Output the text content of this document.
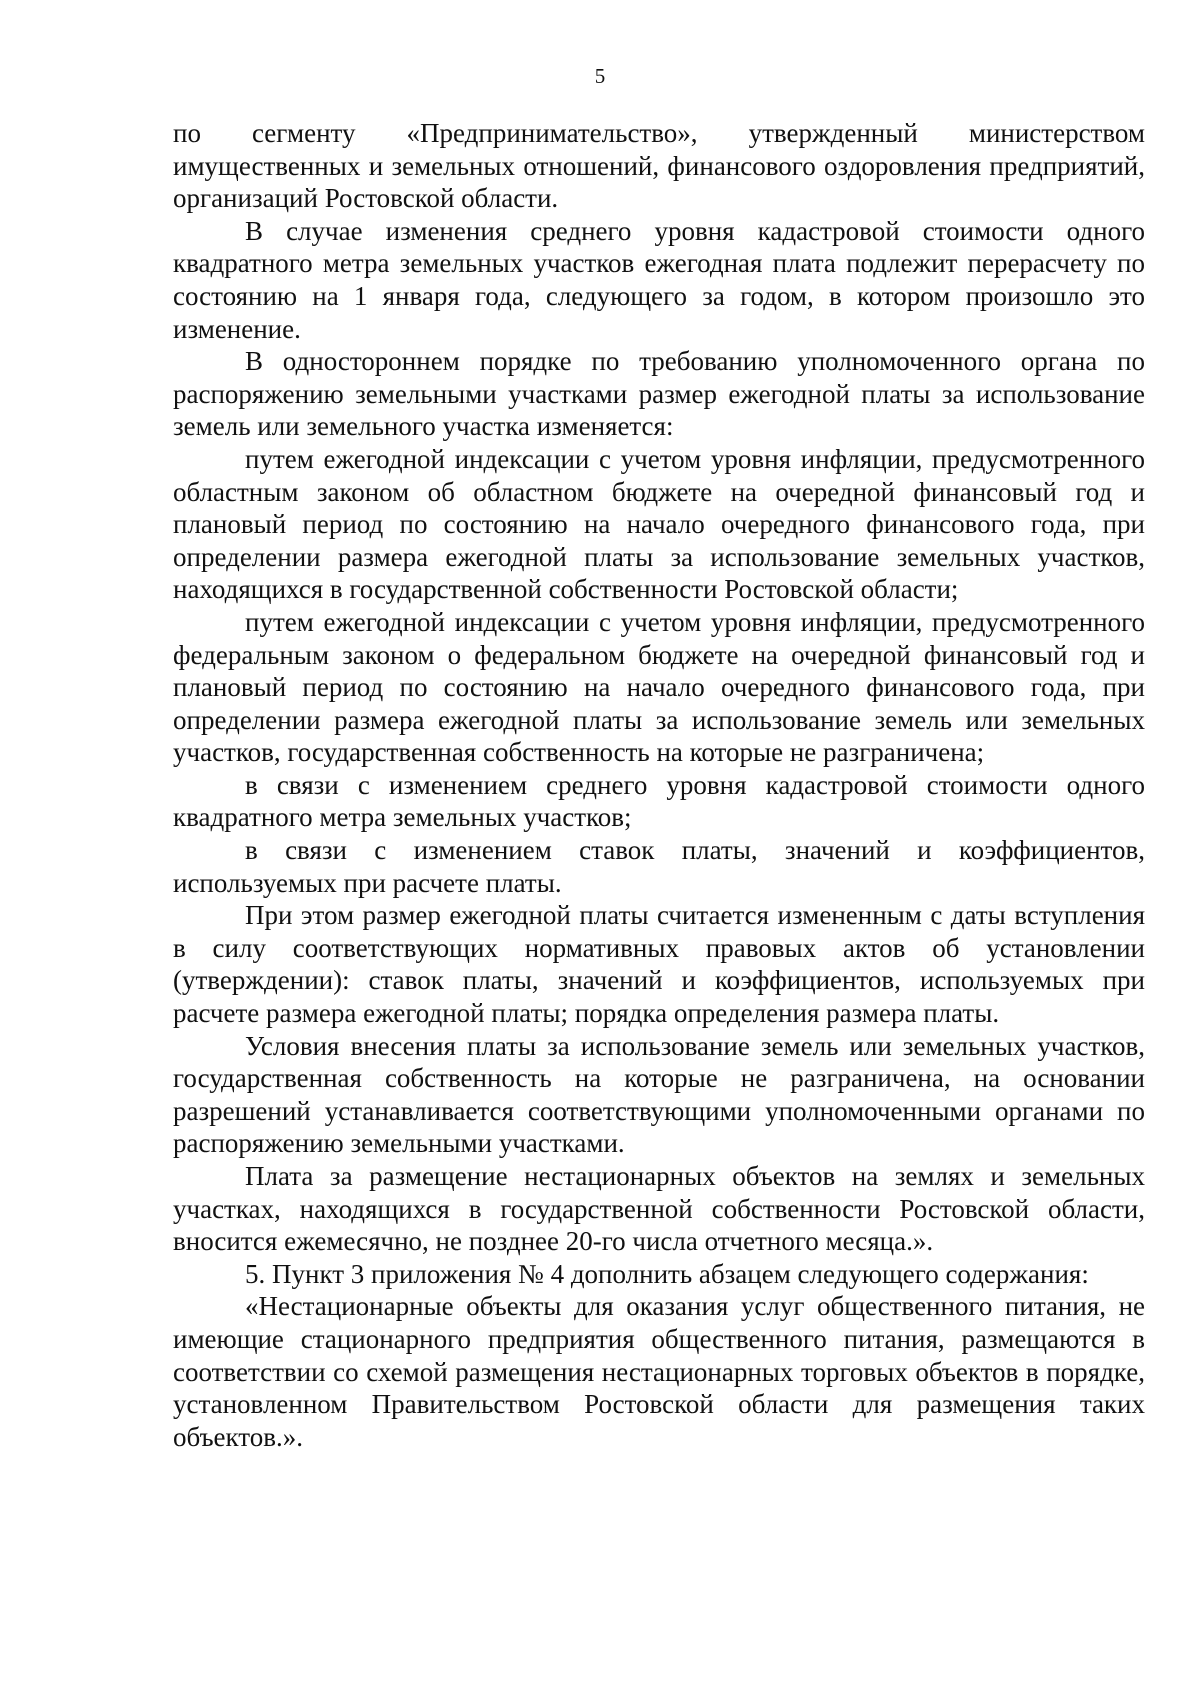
5

по сегменту «Предпринимательство», утвержденный министерством имущественных и земельных отношений, финансового оздоровления предприятий, организаций Ростовской области.

В случае изменения среднего уровня кадастровой стоимости одного квадратного метра земельных участков ежегодная плата подлежит перерасчету по состоянию на 1 января года, следующего за годом, в котором произошло это изменение.

В одностороннем порядке по требованию уполномоченного органа по распоряжению земельными участками размер ежегодной платы за использование земель или земельного участка изменяется:

путем ежегодной индексации с учетом уровня инфляции, предусмотренного областным законом об областном бюджете на очередной финансовый год и плановый период по состоянию на начало очередного финансового года, при определении размера ежегодной платы за использование земельных участков, находящихся в государственной собственности Ростовской области;

путем ежегодной индексации с учетом уровня инфляции, предусмотренного федеральным законом о федеральном бюджете на очередной финансовый год и плановый период по состоянию на начало очередного финансового года, при определении размера ежегодной платы за использование земель или земельных участков, государственная собственность на которые не разграничена;

в связи с изменением среднего уровня кадастровой стоимости одного квадратного метра земельных участков;

в связи с изменением ставок платы, значений и коэффициентов, используемых при расчете платы.

При этом размер ежегодной платы считается измененным с даты вступления в силу соответствующих нормативных правовых актов об установлении (утверждении): ставок платы, значений и коэффициентов, используемых при расчете размера ежегодной платы; порядка определения размера платы.

Условия внесения платы за использование земель или земельных участков, государственная собственность на которые не разграничена, на основании разрешений устанавливается соответствующими уполномоченными органами по распоряжению земельными участками.

Плата за размещение нестационарных объектов на землях и земельных участках, находящихся в государственной собственности Ростовской области, вносится ежемесячно, не позднее 20-го числа отчетного месяца.».

5. Пункт 3 приложения № 4 дополнить абзацем следующего содержания:

«Нестационарные объекты для оказания услуг общественного питания, не имеющие стационарного предприятия общественного питания, размещаются в соответствии со схемой размещения нестационарных торговых объектов в порядке, установленном Правительством Ростовской области для размещения таких объектов.».
